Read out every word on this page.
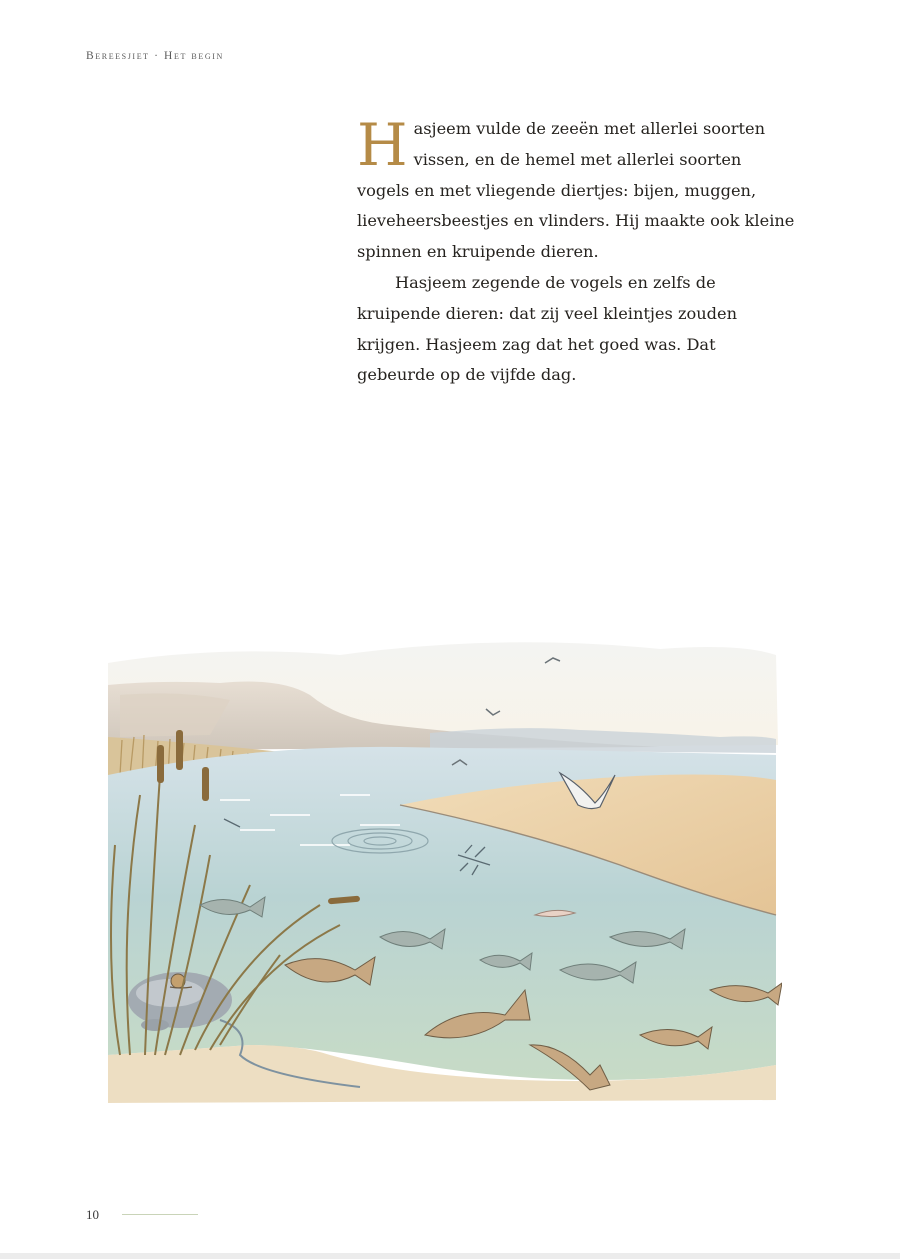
Bereesjiet · Het begin

Hasjeem vulde de zeeën met allerlei soorten vissen, en de hemel met allerlei soorten vogels en met vliegende diertjes: bijen, muggen, lieveheersbeestjes en vlinders. Hij maakte ook kleine spinnen en kruipende dieren.

Hasjeem zegende de vogels en zelfs de kruipende dieren: dat zij veel kleintjes zouden krijgen. Hasjeem zag dat het goed was. Dat gebeurde op de vijfde dag.

10
